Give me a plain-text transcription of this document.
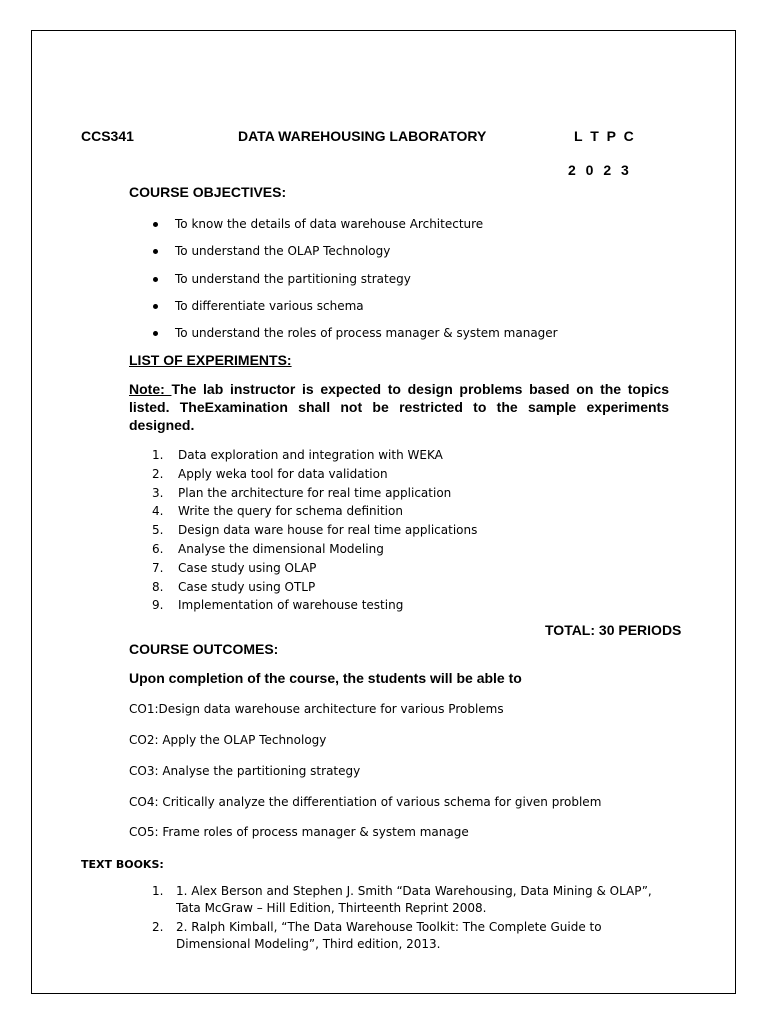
CCS341	DATA WAREHOUSING LABORATORY	L T P C
2 0 2 3
COURSE OBJECTIVES:
To know the details of data warehouse Architecture
To understand the OLAP Technology
To understand the partitioning strategy
To differentiate various schema
To understand the roles of process manager & system manager
LIST OF EXPERIMENTS:
Note: The lab instructor is expected to design problems based on the topics listed. TheExamination shall not be restricted to the sample experiments designed.
1.	Data exploration and integration with WEKA
2.	Apply weka tool for data validation
3.	Plan the architecture for real time application
4.	Write the query for schema definition
5.	Design data ware house for real time applications
6.	Analyse the dimensional Modeling
7.	Case study using OLAP
8.	Case study using OTLP
9.	Implementation of warehouse testing
TOTAL: 30 PERIODS
COURSE OUTCOMES:
Upon completion of the course, the students will be able to
CO1:Design data warehouse architecture for various Problems
CO2: Apply the OLAP Technology
CO3: Analyse the partitioning strategy
CO4: Critically analyze the differentiation of various schema for given problem
CO5: Frame roles of process manager & system manage
TEXT BOOKS:
1.	1. Alex Berson and Stephen J. Smith “Data Warehousing, Data Mining & OLAP”, Tata McGraw – Hill Edition, Thirteenth Reprint 2008.
2.	2. Ralph Kimball, “The Data Warehouse Toolkit: The Complete Guide to Dimensional Modeling”, Third edition, 2013.
